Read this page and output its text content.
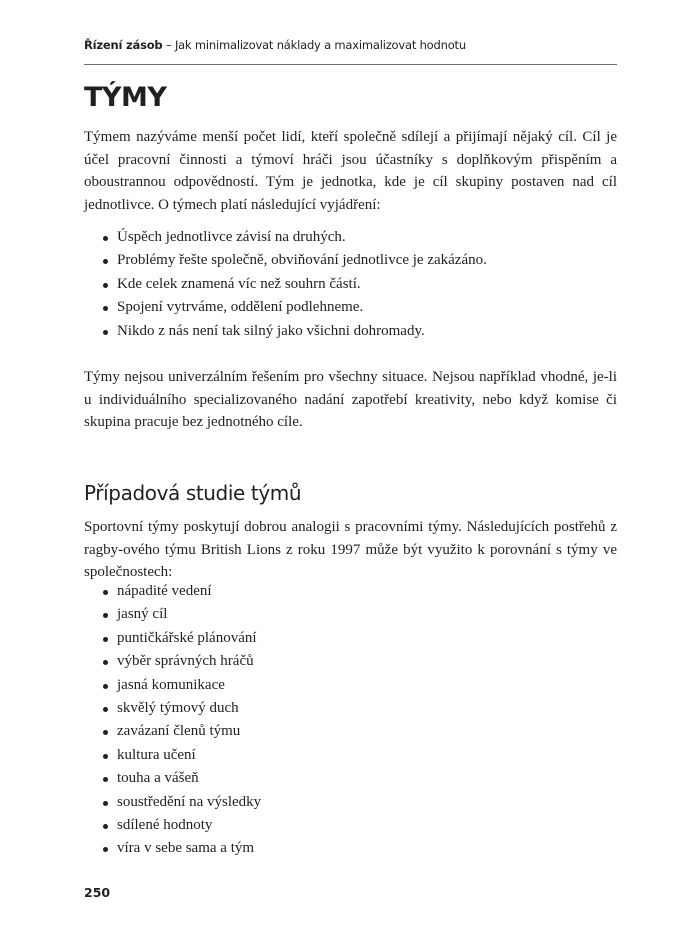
Řízení zásob – Jak minimalizovat náklady a maximalizovat hodnotu
TÝMY

Týmem nazýváme menší počet lidí, kteří společně sdílejí a přijímají nějaký cíl. Cíl je účel pracovní činnosti a týmoví hráči jsou účastníky s doplňkovým přispěním a oboustrannou odpovědností. Tým je jednotka, kde je cíl skupiny postaven nad cíl jednotlivce. O týmech platí následující vyjádření:

Úspěch jednotlivce závisí na druhých.
Problémy řešte společně, obviňování jednotlivce je zakázáno.
Kde celek znamená víc než souhrn částí.
Spojení vytrváme, oddělení podlehneme.
Nikdo z nás není tak silný jako všichni dohromady.

Týmy nejsou univerzálním řešením pro všechny situace. Nejsou například vhodné, je-li u individuálního specializovaného nadání zapotřebí kreativity, nebo když komise či skupina pracuje bez jednotného cíle.

Případová studie týmů

Sportovní týmy poskytují dobrou analogii s pracovními týmy. Následujících postřehů z ragby-ového týmu British Lions z roku 1997 může být využito k porovnání s týmy ve společnostech:

nápadité vedení
jasný cíl
puntičkářské plánování
výběr správných hráčů
jasná komunikace
skvělý týmový duch
zavázaní členů týmu
kultura učení
touha a vášeň
soustředění na výsledky
sdílené hodnoty
víra v sebe sama a tým
250
